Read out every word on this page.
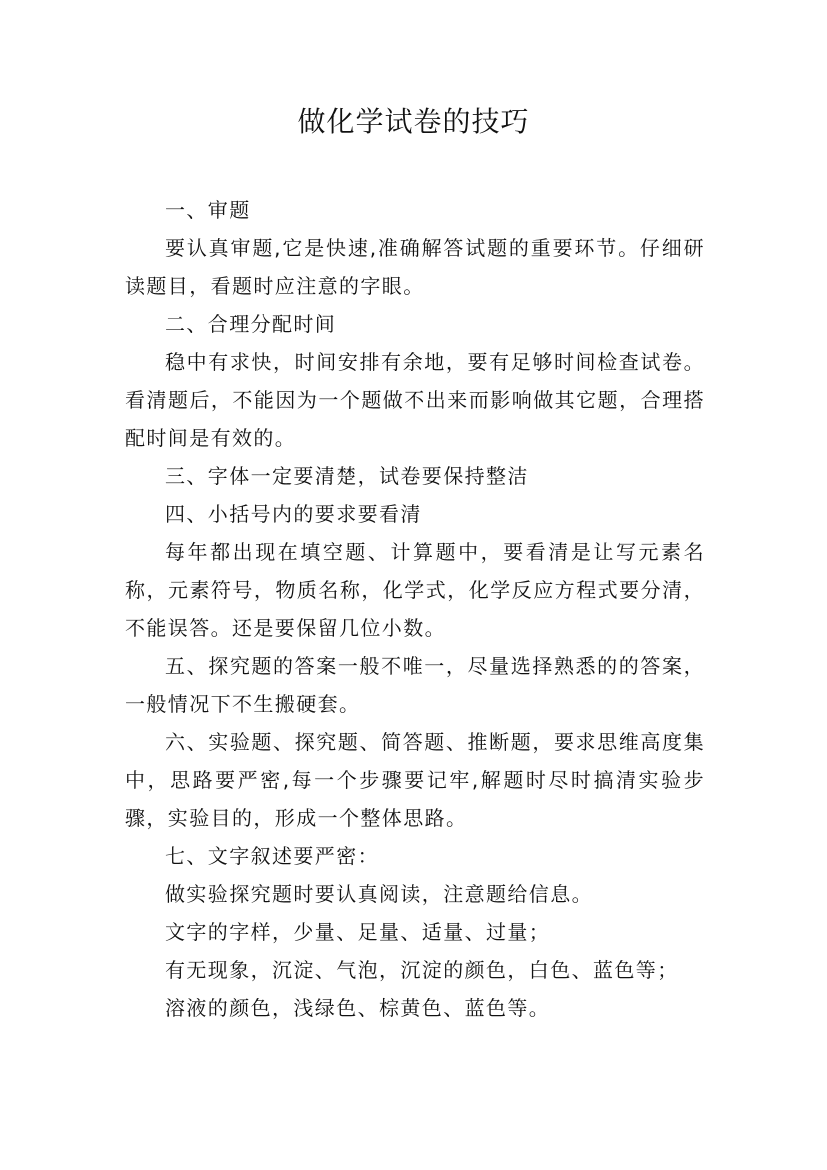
做化学试卷的技巧

一、审题

要认真审题,它是快速,准确解答试题的重要环节。仔细研读题目，看题时应注意的字眼。

二、合理分配时间

稳中有求快，时间安排有余地，要有足够时间检查试卷。看清题后，不能因为一个题做不出来而影响做其它题，合理搭配时间是有效的。

三、字体一定要清楚，试卷要保持整洁

四、小括号内的要求要看清

每年都出现在填空题、计算题中，要看清是让写元素名称，元素符号，物质名称，化学式，化学反应方程式要分清，不能误答。还是要保留几位小数。

五、探究题的答案一般不唯一，尽量选择熟悉的的答案，一般情况下不生搬硬套。

六、实验题、探究题、简答题、推断题，要求思维高度集中，思路要严密,每一个步骤要记牢,解题时尽时搞清实验步骤，实验目的，形成一个整体思路。

七、文字叙述要严密：

做实验探究题时要认真阅读，注意题给信息。

文字的字样，少量、足量、适量、过量；

有无现象，沉淀、气泡，沉淀的颜色，白色、蓝色等；

溶液的颜色，浅绿色、棕黄色、蓝色等。
